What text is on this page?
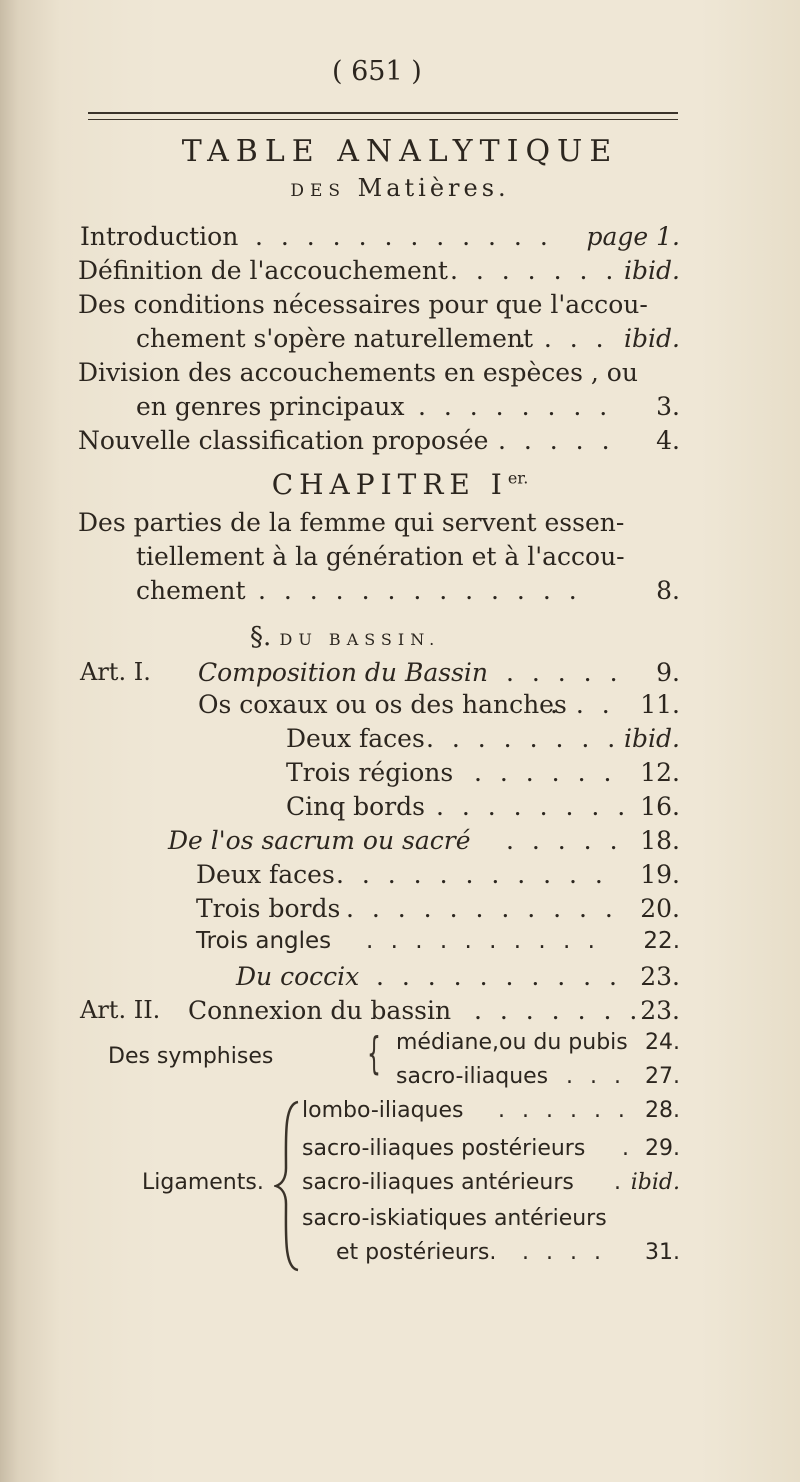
( 651 )
TABLE ANALYTIQUE
DES Matières.
Introduction . . . . . . . . . . . . page 1.
Définition de l'accouchement . . . . . . . ibid.
Des conditions nécessaires pour que l'accou-
chement s'opère naturellement
. . . . ibid.
Division des accouchements en espèces , ou
en genres principaux . . . . . . . . 3.
Nouvelle classification proposée . . . . . 4.
CHAPITRE $I^{er.}$
Des parties de la femme qui servent essen-
tiellement à la génération et à l'accou-
chement . . . . . . . . . . . . .	8.
§. DU BASSIN.
Art. I. Composition du Bassin . . . . . 9.
Os coxaux ou os des hanches
. . . 11.
Deux faces . . . . . . . . ibid.
Trois régions . . . . . . 12.
Cinq bords . . . . . . . . 16.
De l'os sacrum ou sacré . . . . . 18.
Deux faces . . . . . . . . . . . 19.
Trois bords . . . . . . . . . . . 20.
Trois angles . . . . . . . . . . 22.
Du coccix . . . . . . . . . . 23.
Art. II. Connexion du bassin . . . . . . .
23.
Des symphises { médiane,ou du pubis 24.
sacro-iliaques . . . 27.
Ligaments.
lombo-iliaques . . . . . . 28.
sacro-iliaques postérieurs . 29.
sacro-iliaques antérieurs . ibid.
sacro-iskiatiques antérieurs
et postérieurs. . . . . 31.
